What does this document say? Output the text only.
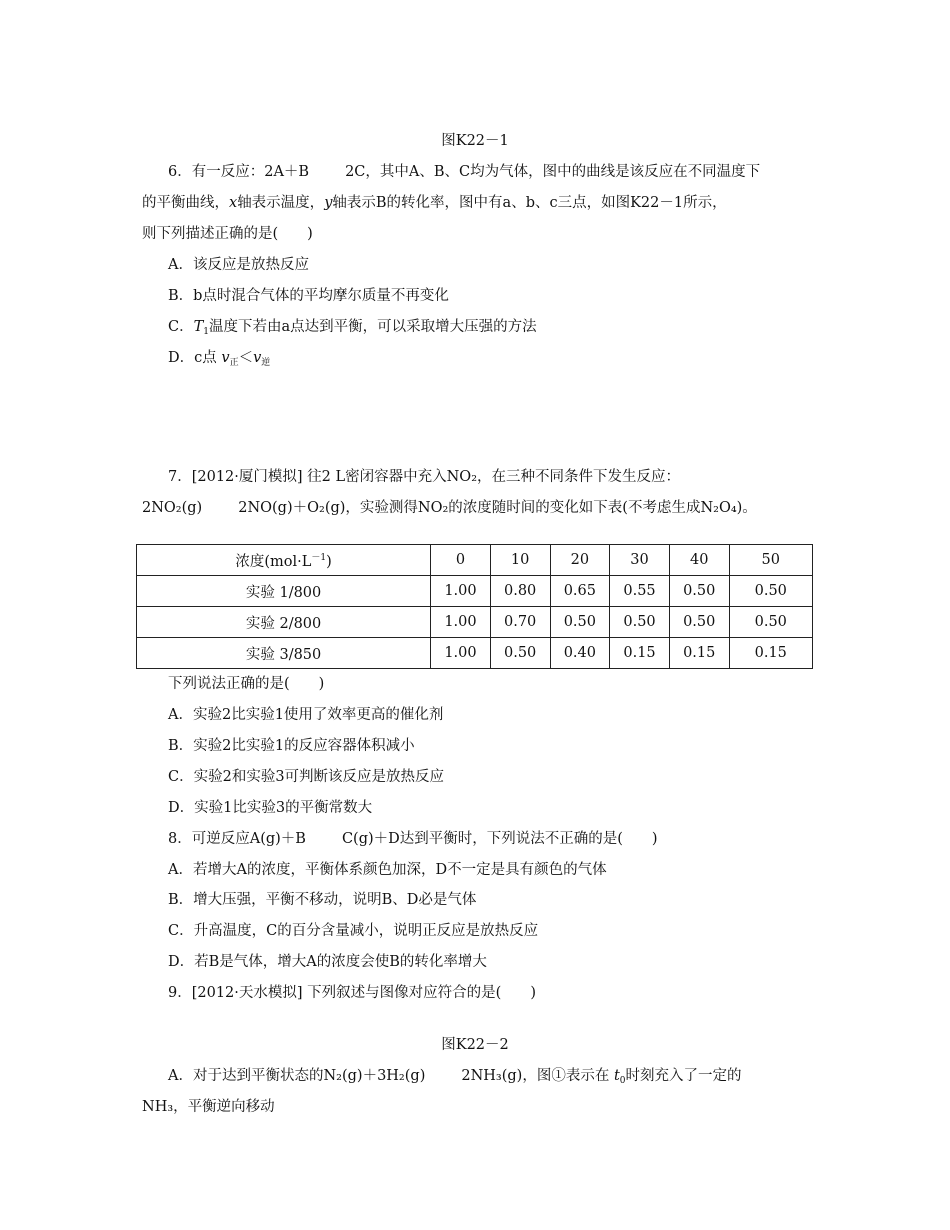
图K22－1
6．有一反应：2A＋B 2C，其中A、B、C均为气体，图中的曲线是该反应在不同温度下
的平衡曲线，x轴表示温度，y轴表示B的转化率，图中有a、b、c三点，如图K22－1所示，
则下列描述正确的是(　　)
A．该反应是放热反应
B．b点时混合气体的平均摩尔质量不再变化
C．$T_1$温度下若由a点达到平衡，可以采取增大压强的方法
D．c点 $v_正<v_逆$
7．[2012·厦门模拟] 往2 L密闭容器中充入NO₂，在三种不同条件下发生反应：
2NO₂(g) 2NO(g)＋O₂(g)，实验测得NO₂的浓度随时间的变化如下表(不考虑生成N₂O₄)。
浓度$(mol\cdot L^{-1})$	0	10	20	30	40	50
实验 1/800	1.00	0.80	0.65	0.55	0.50	0.50
实验 2/800	1.00	0.70	0.50	0.50	0.50	0.50
实验 3/850	1.00	0.50	0.40	0.15	0.15	0.15
下列说法正确的是(　　)
A．实验2比实验1使用了效率更高的催化剂
B．实验2比实验1的反应容器体积减小
C．实验2和实验3可判断该反应是放热反应
D．实验1比实验3的平衡常数大
8．可逆反应A(g)＋B C(g)＋D达到平衡时，下列说法不正确的是(　　)
A．若增大A的浓度，平衡体系颜色加深，D不一定是具有颜色的气体
B．增大压强，平衡不移动，说明B、D必是气体
C．升高温度，C的百分含量减小，说明正反应是放热反应
D．若B是气体，增大A的浓度会使B的转化率增大
9．[2012·天水模拟] 下列叙述与图像对应符合的是(　　)
图K22－2
A．对于达到平衡状态的N₂(g)＋3H₂(g) 2NH₃(g)，图①表示在 $t_0$时刻充入了一定的
NH₃，平衡逆向移动
